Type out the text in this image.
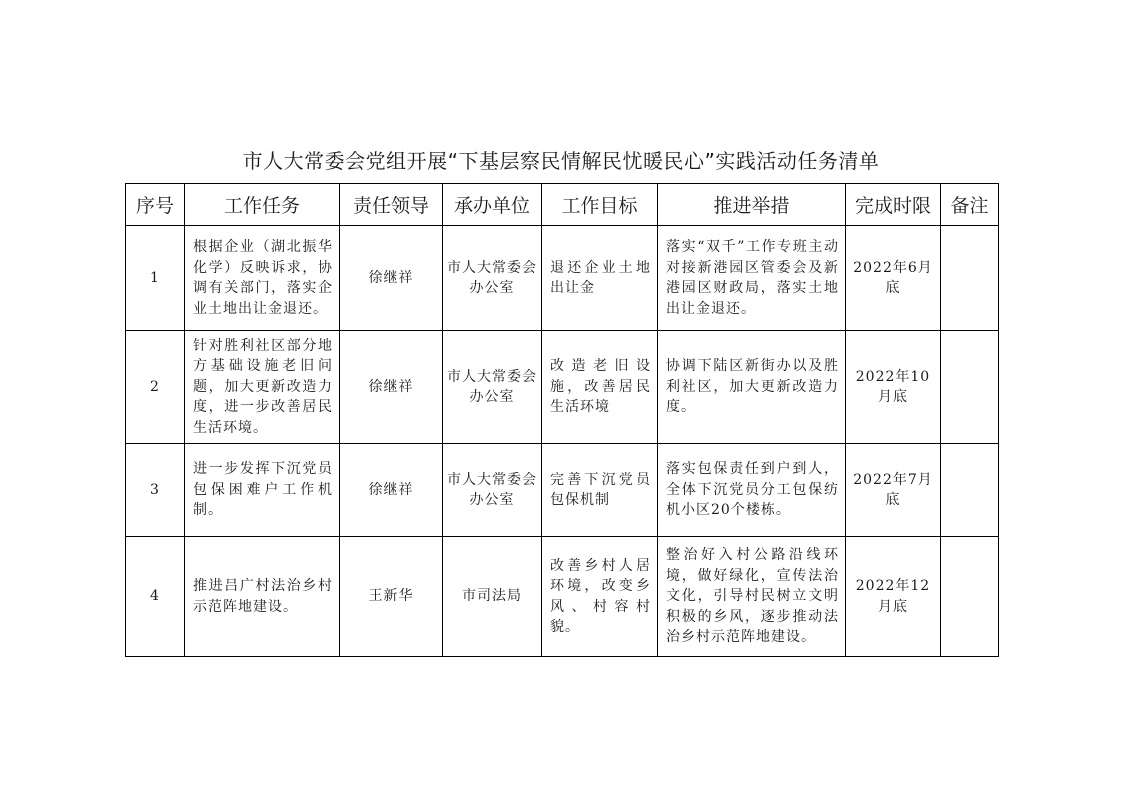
市人大常委会党组开展“下基层察民情解民忧暖民心”实践活动任务清单
序号	工作任务	责任领导	承办单位	工作目标	推进举措	完成时限	备注

1	根据企业（湖北振华化学）反映诉求，协调有关部门，落实企业土地出让金退还。	徐继祥	市人大常委会办公室	退还企业土地出让金	落实“双千”工作专班主动对接新港园区管委会及新港园区财政局，落实土地出让金退还。	2022年6月底	

2	针对胜利社区部分地方基础设施老旧问题，加大更新改造力度，进一步改善居民生活环境。	徐继祥	市人大常委会办公室	改造老旧设施，改善居民生活环境	协调下陆区新街办以及胜利社区，加大更新改造力度。	2022年10月底	

3	进一步发挥下沉党员包保困难户工作机制。	徐继祥	市人大常委会办公室	完善下沉党员包保机制	落实包保责任到户到人，全体下沉党员分工包保纺机小区20个楼栋。	2022年7月底	

4	推进吕广村法治乡村示范阵地建设。	王新华	市司法局	改善乡村人居环境，改变乡风、村容村貌。	整治好入村公路沿线环境，做好绿化，宣传法治文化，引导村民树立文明积极的乡风，逐步推动法治乡村示范阵地建设。	2022年12月底	
